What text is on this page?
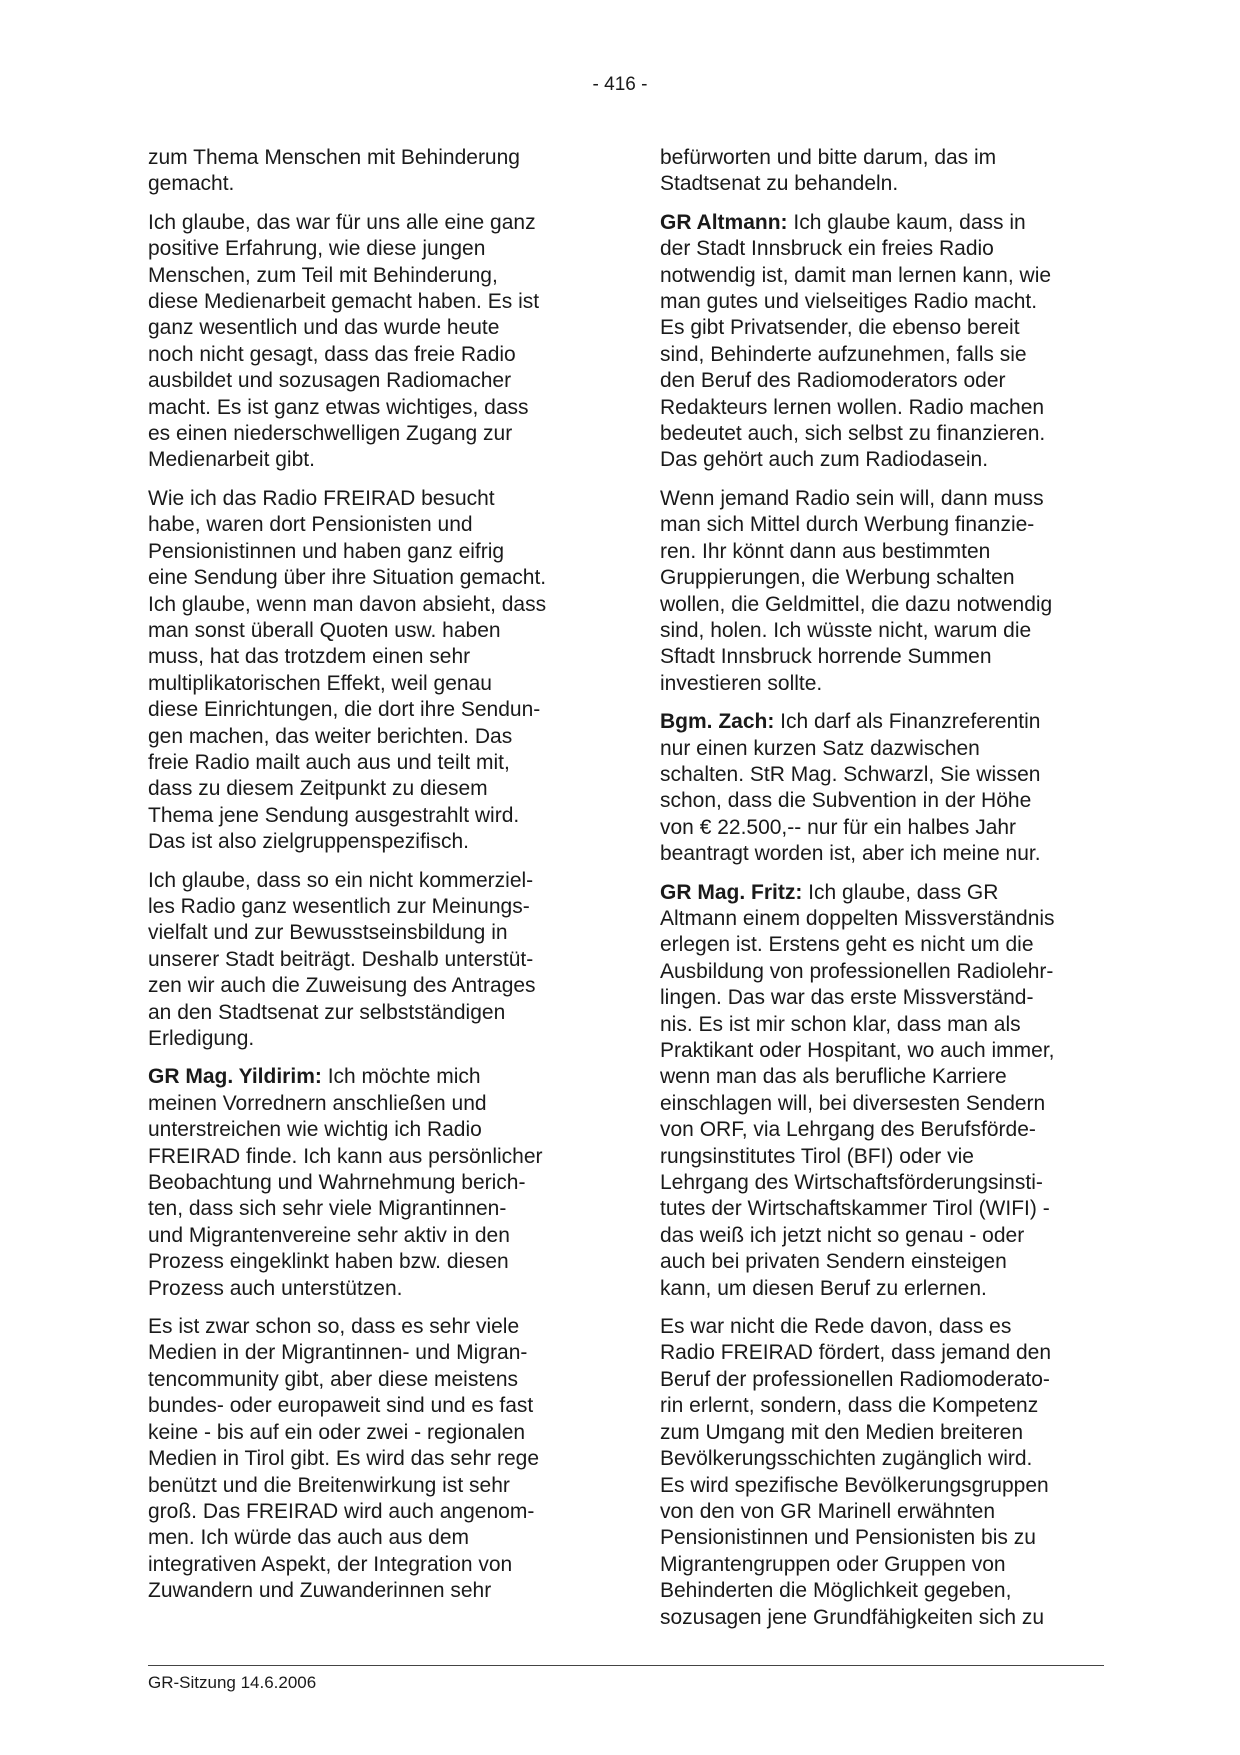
- 416 -

zum Thema Menschen mit Behinderung
gemacht.

Ich glaube, das war für uns alle eine ganz
positive Erfahrung, wie diese jungen
Menschen, zum Teil mit Behinderung,
diese Medienarbeit gemacht haben. Es ist
ganz wesentlich und das wurde heute
noch nicht gesagt, dass das freie Radio
ausbildet und sozusagen Radiomacher
macht. Es ist ganz etwas wichtiges, dass
es einen niederschwelligen Zugang zur
Medienarbeit gibt.

Wie ich das Radio FREIRAD besucht
habe, waren dort Pensionisten und
Pensionistinnen und haben ganz eifrig
eine Sendung über ihre Situation gemacht.
Ich glaube, wenn man davon absieht, dass
man sonst überall Quoten usw. haben
muss, hat das trotzdem einen sehr
multiplikatorischen Effekt, weil genau
diese Einrichtungen, die dort ihre Sendun-
gen machen, das weiter berichten. Das
freie Radio mailt auch aus und teilt mit,
dass zu diesem Zeitpunkt zu diesem
Thema jene Sendung ausgestrahlt wird.
Das ist also zielgruppenspezifisch.

Ich glaube, dass so ein nicht kommerziel-
les Radio ganz wesentlich zur Meinungs-
vielfalt und zur Bewusstseinsbildung in
unserer Stadt beiträgt. Deshalb unterstüt-
zen wir auch die Zuweisung des Antrages
an den Stadtsenat zur selbstständigen
Erledigung.

GR Mag. Yildirim: Ich möchte mich
meinen Vorrednern anschließen und
unterstreichen wie wichtig ich Radio
FREIRAD finde. Ich kann aus persönlicher
Beobachtung und Wahrnehmung berich-
ten, dass sich sehr viele Migrantinnen-
und Migrantenvereine sehr aktiv in den
Prozess eingeklinkt haben bzw. diesen
Prozess auch unterstützen.

Es ist zwar schon so, dass es sehr viele
Medien in der Migrantinnen- und Migran-
tencommunity gibt, aber diese meistens
bundes- oder europaweit sind und es fast
keine - bis auf ein oder zwei - regionalen
Medien in Tirol gibt. Es wird das sehr rege
benützt und die Breitenwirkung ist sehr
groß. Das FREIRAD wird auch angenom-
men. Ich würde das auch aus dem
integrativen Aspekt, der Integration von
Zuwandern und Zuwanderinnen sehr

befürworten und bitte darum, das im
Stadtsenat zu behandeln.

GR Altmann: Ich glaube kaum, dass in
der Stadt Innsbruck ein freies Radio
notwendig ist, damit man lernen kann, wie
man gutes und vielseitiges Radio macht.
Es gibt Privatsender, die ebenso bereit
sind, Behinderte aufzunehmen, falls sie
den Beruf des Radiomoderators oder
Redakteurs lernen wollen. Radio machen
bedeutet auch, sich selbst zu finanzieren.
Das gehört auch zum Radiodasein.

Wenn jemand Radio sein will, dann muss
man sich Mittel durch Werbung finanzie-
ren. Ihr könnt dann aus bestimmten
Gruppierungen, die Werbung schalten
wollen, die Geldmittel, die dazu notwendig
sind, holen. Ich wüsste nicht, warum die
Sftadt Innsbruck horrende Summen
investieren sollte.

Bgm. Zach: Ich darf als Finanzreferentin
nur einen kurzen Satz dazwischen
schalten. StR Mag. Schwarzl, Sie wissen
schon, dass die Subvention in der Höhe
von € 22.500,-- nur für ein halbes Jahr
beantragt worden ist, aber ich meine nur.

GR Mag. Fritz: Ich glaube, dass GR
Altmann einem doppelten Missverständnis
erlegen ist. Erstens geht es nicht um die
Ausbildung von professionellen Radiolehr-
lingen. Das war das erste Missverständ-
nis. Es ist mir schon klar, dass man als
Praktikant oder Hospitant, wo auch immer,
wenn man das als berufliche Karriere
einschlagen will, bei diversesten Sendern
von ORF, via Lehrgang des Berufsförde-
rungsinstitutes Tirol (BFI) oder vie
Lehrgang des Wirtschaftsförderungsinsti-
tutes der Wirtschaftskammer Tirol (WIFI) -
das weiß ich jetzt nicht so genau - oder
auch bei privaten Sendern einsteigen
kann, um diesen Beruf zu erlernen.

Es war nicht die Rede davon, dass es
Radio FREIRAD fördert, dass jemand den
Beruf der professionellen Radiomoderato-
rin erlernt, sondern, dass die Kompetenz
zum Umgang mit den Medien breiteren
Bevölkerungsschichten zugänglich wird.
Es wird spezifische Bevölkerungsgruppen
von den von GR Marinell erwähnten
Pensionistinnen und Pensionisten bis zu
Migrantengruppen oder Gruppen von
Behinderten die Möglichkeit gegeben,
sozusagen jene Grundfähigkeiten sich zu

GR-Sitzung 14.6.2006
